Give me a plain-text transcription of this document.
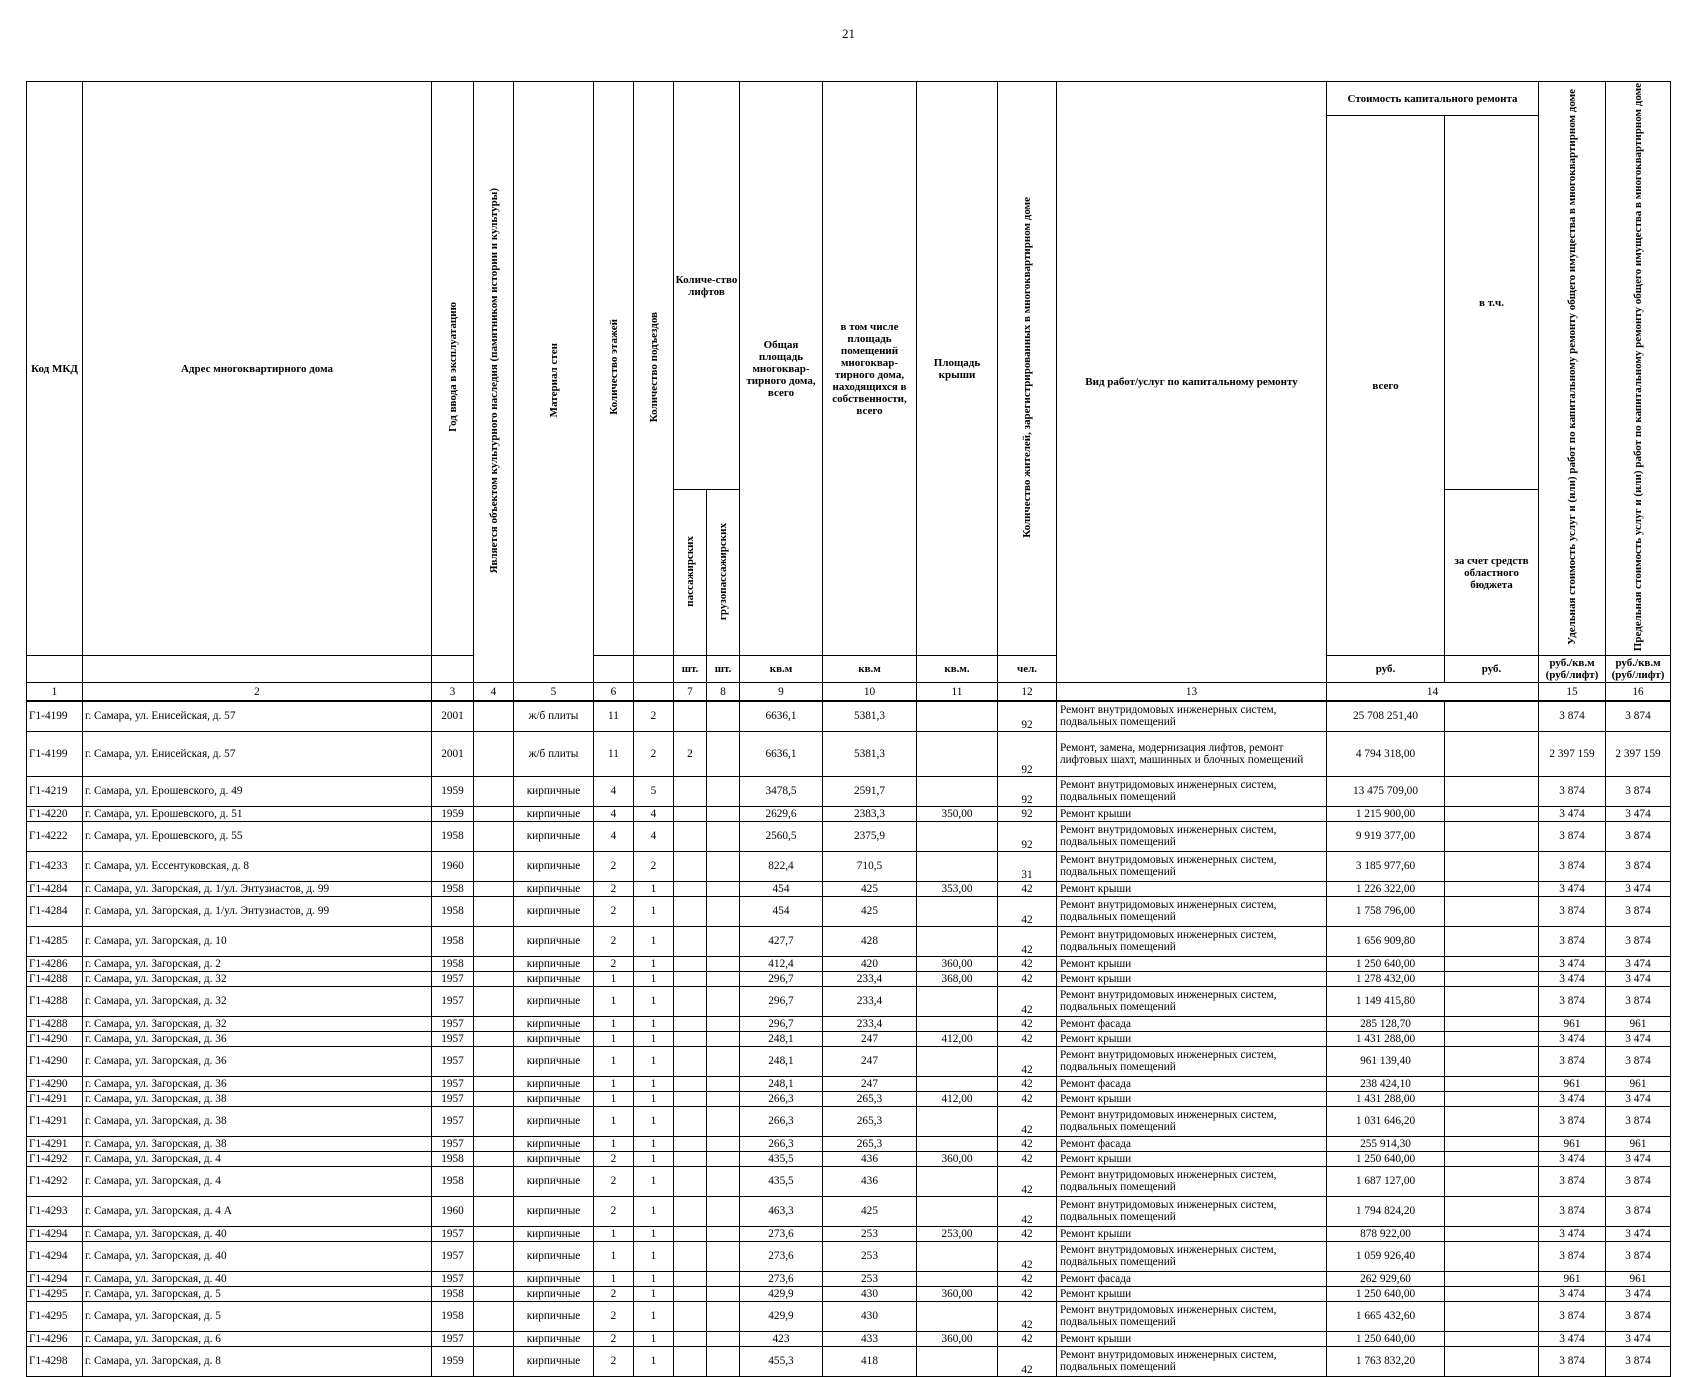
21
Код МКД	Адрес многоквартирного дома	Год ввода в эксплуатацию	Является объектом культурного наследия (памятником истории и культуры)	Материал стен	Количество этажей	Количество подъездов	Количе-ство лифтов		Общая площадь многоквар-тирного дома, всего	в том числе площадь помещений многоквар-тирного дома, находящихся в собственности, всего	Площадь крыши	Количество жителей, зарегистрированных в многоквартирном доме	Вид работ/услуг по капитальному ремонту	Стоимость капитального ремонта		Удельная стоимость услуг и (или) работ по капитальному ремонту общего имущества в многоквартирном доме	Предельная стоимость услуг и (или) работ по капитальному ремонту общего имущества в многоквартирном доме
														всего	в т.ч.		
							пассажирских	грузопассажирских							за счет средств областного бюджета		
							шт.	шт.	кв.м	кв.м	кв.м.	чел.		руб.	руб.	руб./кв.м (руб/лифт)	руб./кв.м (руб/лифт)
1	2	3	4	5	6		7	8	9	10	11	12	13	14		15	16
Г1-4199	г. Самара, ул. Енисейская, д. 57	2001		ж/б плиты	11	2			6636,1	5381,3		92	Ремонт внутридомовых инженерных систем, подвальных помещений	25 708 251,40		3 874	3 874
Г1-4199	г. Самара, ул. Енисейская, д. 57	2001		ж/б плиты	11	2	2		6636,1	5381,3		92	Ремонт, замена, модернизация лифтов, ремонт лифтовых шахт, машинных и блочных помещений	4 794 318,00		2 397 159	2 397 159
Г1-4219	г. Самара, ул. Ерошевского, д. 49	1959		кирпичные	4	5			3478,5	2591,7		92	Ремонт внутридомовых инженерных систем, подвальных помещений	13 475 709,00		3 874	3 874
Г1-4220	г. Самара, ул. Ерошевского, д. 51	1959		кирпичные	4	4			2629,6	2383,3	350,00	92	Ремонт крыши	1 215 900,00		3 474	3 474
Г1-4222	г. Самара, ул. Ерошевского, д. 55	1958		кирпичные	4	4			2560,5	2375,9		92	Ремонт внутридомовых инженерных систем, подвальных помещений	9 919 377,00		3 874	3 874
Г1-4233	г. Самара, ул. Ессентуковская, д. 8	1960		кирпичные	2	2			822,4	710,5		31	Ремонт внутридомовых инженерных систем, подвальных помещений	3 185 977,60		3 874	3 874
Г1-4284	г. Самара, ул. Загорская, д. 1/ул. Энтузиастов, д. 99	1958		кирпичные	2	1			454	425	353,00	42	Ремонт крыши	1 226 322,00		3 474	3 474
Г1-4284	г. Самара, ул. Загорская, д. 1/ул. Энтузиастов, д. 99	1958		кирпичные	2	1			454	425		42	Ремонт внутридомовых инженерных систем, подвальных помещений	1 758 796,00		3 874	3 874
Г1-4285	г. Самара, ул. Загорская, д. 10	1958		кирпичные	2	1			427,7	428		42	Ремонт внутридомовых инженерных систем, подвальных помещений	1 656 909,80		3 874	3 874
Г1-4286	г. Самара, ул. Загорская, д. 2	1958		кирпичные	2	1			412,4	420	360,00	42	Ремонт крыши	1 250 640,00		3 474	3 474
Г1-4288	г. Самара, ул. Загорская, д. 32	1957		кирпичные	1	1			296,7	233,4	368,00	42	Ремонт крыши	1 278 432,00		3 474	3 474
Г1-4288	г. Самара, ул. Загорская, д. 32	1957		кирпичные	1	1			296,7	233,4		42	Ремонт внутридомовых инженерных систем, подвальных помещений	1 149 415,80		3 874	3 874
Г1-4288	г. Самара, ул. Загорская, д. 32	1957		кирпичные	1	1			296,7	233,4		42	Ремонт фасада	285 128,70		961	961
Г1-4290	г. Самара, ул. Загорская, д. 36	1957		кирпичные	1	1			248,1	247	412,00	42	Ремонт крыши	1 431 288,00		3 474	3 474
Г1-4290	г. Самара, ул. Загорская, д. 36	1957		кирпичные	1	1			248,1	247		42	Ремонт внутридомовых инженерных систем, подвальных помещений	961 139,40		3 874	3 874
Г1-4290	г. Самара, ул. Загорская, д. 36	1957		кирпичные	1	1			248,1	247		42	Ремонт фасада	238 424,10		961	961
Г1-4291	г. Самара, ул. Загорская, д. 38	1957		кирпичные	1	1			266,3	265,3	412,00	42	Ремонт крыши	1 431 288,00		3 474	3 474
Г1-4291	г. Самара, ул. Загорская, д. 38	1957		кирпичные	1	1			266,3	265,3		42	Ремонт внутридомовых инженерных систем, подвальных помещений	1 031 646,20		3 874	3 874
Г1-4291	г. Самара, ул. Загорская, д. 38	1957		кирпичные	1	1			266,3	265,3		42	Ремонт фасада	255 914,30		961	961
Г1-4292	г. Самара, ул. Загорская, д. 4	1958		кирпичные	2	1			435,5	436	360,00	42	Ремонт крыши	1 250 640,00		3 474	3 474
Г1-4292	г. Самара, ул. Загорская, д. 4	1958		кирпичные	2	1			435,5	436		42	Ремонт внутридомовых инженерных систем, подвальных помещений	1 687 127,00		3 874	3 874
Г1-4293	г. Самара, ул. Загорская, д. 4 А	1960		кирпичные	2	1			463,3	425		42	Ремонт внутридомовых инженерных систем, подвальных помещений	1 794 824,20		3 874	3 874
Г1-4294	г. Самара, ул. Загорская, д. 40	1957		кирпичные	1	1			273,6	253	253,00	42	Ремонт крыши	878 922,00		3 474	3 474
Г1-4294	г. Самара, ул. Загорская, д. 40	1957		кирпичные	1	1			273,6	253		42	Ремонт внутридомовых инженерных систем, подвальных помещений	1 059 926,40		3 874	3 874
Г1-4294	г. Самара, ул. Загорская, д. 40	1957		кирпичные	1	1			273,6	253		42	Ремонт фасада	262 929,60		961	961
Г1-4295	г. Самара, ул. Загорская, д. 5	1958		кирпичные	2	1			429,9	430	360,00	42	Ремонт крыши	1 250 640,00		3 474	3 474
Г1-4295	г. Самара, ул. Загорская, д. 5	1958		кирпичные	2	1			429,9	430		42	Ремонт внутридомовых инженерных систем, подвальных помещений	1 665 432,60		3 874	3 874
Г1-4296	г. Самара, ул. Загорская, д. 6	1957		кирпичные	2	1			423	433	360,00	42	Ремонт крыши	1 250 640,00		3 474	3 474
Г1-4298	г. Самара, ул. Загорская, д. 8	1959		кирпичные	2	1			455,3	418		42	Ремонт внутридомовых инженерных систем, подвальных помещений	1 763 832,20		3 874	3 874
